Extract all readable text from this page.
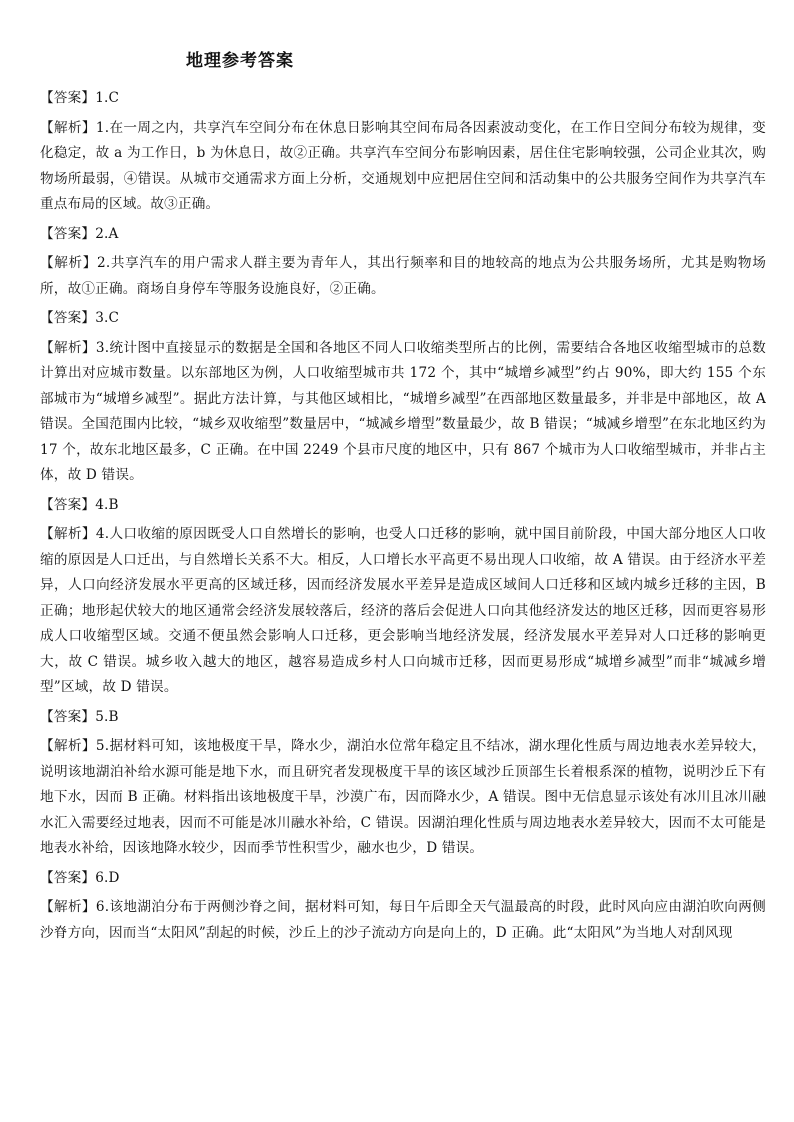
地理参考答案

【答案】1.C

【解析】1.在一周之内，共享汽车空间分布在休息日影响其空间布局各因素波动变化，在工作日空间分布较为规律，变化稳定，故 a 为工作日，b 为休息日，故②正确。共享汽车空间分布影响因素，居住住宅影响较强，公司企业其次，购物场所最弱，④错误。从城市交通需求方面上分析，交通规划中应把居住空间和活动集中的公共服务空间作为共享汽车重点布局的区域。故③正确。

【答案】2.A

【解析】2.共享汽车的用户需求人群主要为青年人，其出行频率和目的地较高的地点为公共服务场所，尤其是购物场所，故①正确。商场自身停车等服务设施良好，②正确。

【答案】3.C

【解析】3.统计图中直接显示的数据是全国和各地区不同人口收缩类型所占的比例，需要结合各地区收缩型城市的总数计算出对应城市数量。以东部地区为例，人口收缩型城市共 172 个，其中“城增乡减型”约占 90%，即大约 155 个东部城市为“城增乡减型”。据此方法计算，与其他区域相比，“城增乡减型”在西部地区数量最多，并非是中部地区，故 A 错误。全国范围内比较，“城乡双收缩型”数量居中，“城减乡增型”数量最少，故 B 错误；“城减乡增型”在东北地区约为 17 个，故东北地区最多，C 正确。在中国 2249 个县市尺度的地区中，只有 867 个城市为人口收缩型城市，并非占主体，故 D 错误。

【答案】4.B

【解析】4.人口收缩的原因既受人口自然增长的影响，也受人口迁移的影响，就中国目前阶段，中国大部分地区人口收缩的原因是人口迁出，与自然增长关系不大。相反，人口增长水平高更不易出现人口收缩，故 A 错误。由于经济水平差异，人口向经济发展水平更高的区域迁移，因而经济发展水平差异是造成区域间人口迁移和区域内城乡迁移的主因，B 正确；地形起伏较大的地区通常会经济发展较落后，经济的落后会促进人口向其他经济发达的地区迁移，因而更容易形成人口收缩型区域。交通不便虽然会影响人口迁移，更会影响当地经济发展，经济发展水平差异对人口迁移的影响更大，故 C 错误。城乡收入越大的地区，越容易造成乡村人口向城市迁移，因而更易形成“城增乡减型”而非“城减乡增型”区域，故 D 错误。

【答案】5.B

【解析】5.据材料可知，该地极度干旱，降水少，湖泊水位常年稳定且不结冰，湖水理化性质与周边地表水差异较大，说明该地湖泊补给水源可能是地下水，而且研究者发现极度干旱的该区域沙丘顶部生长着根系深的植物，说明沙丘下有地下水，因而 B 正确。材料指出该地极度干旱，沙漠广布，因而降水少，A 错误。图中无信息显示该处有冰川且冰川融水汇入需要经过地表，因而不可能是冰川融水补给，C 错误。因湖泊理化性质与周边地表水差异较大，因而不太可能是地表水补给，因该地降水较少，因而季节性积雪少，融水也少，D 错误。

【答案】6.D

【解析】6.该地湖泊分布于两侧沙脊之间，据材料可知，每日午后即全天气温最高的时段，此时风向应由湖泊吹向两侧沙脊方向，因而当“太阳风”刮起的时候，沙丘上的沙子流动方向是向上的，D 正确。此“太阳风”为当地人对刮风现
